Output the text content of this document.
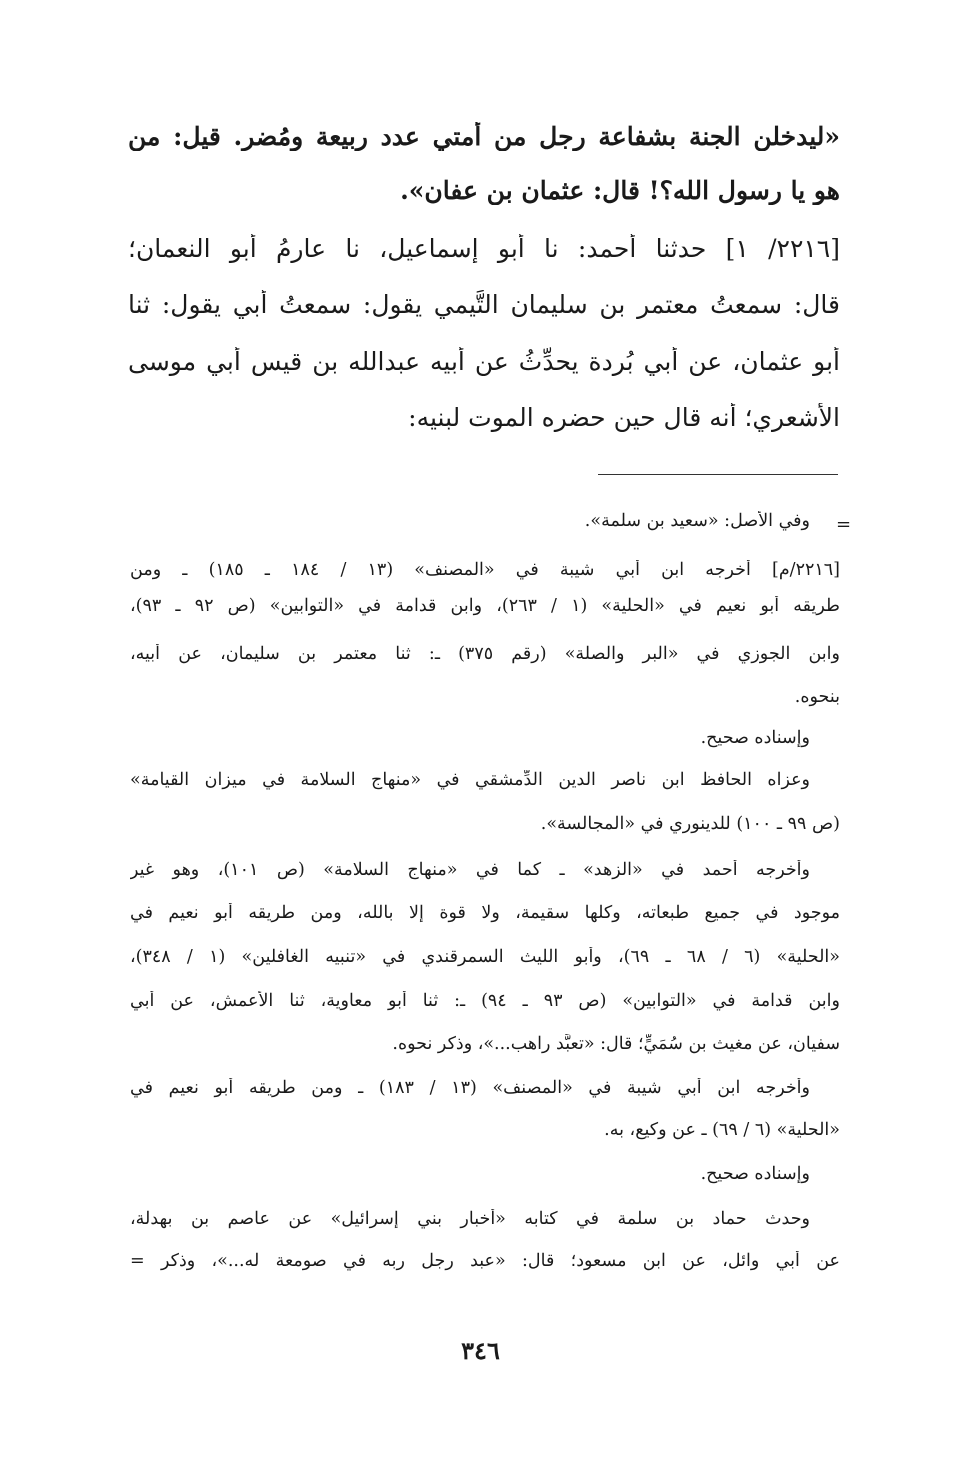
«ليدخلن الجنة بشفاعة رجل من أمتي عدد ربيعة ومُضر. قيل: من
هو يا رسول الله؟! قال: عثمان بن عفان».
[٢٢١٦/ ١] حدثنا أحمد: نا أبو إسماعيل، نا عارمُ أبو النعمان؛
قال: سمعتُ معتمر بن سليمان التَّيمي يقول: سمعتُ أبي يقول: ثنا
أبو عثمان، عن أبي بُردة يحدِّثُ عن أبيه عبدالله بن قيس أبي موسى
الأشعري؛ أنه قال حين حضره الموت لبنيه:
=
وفي الأصل: «سعيد بن سلمة».
[٢٢١٦/م] أخرجه ابن أبي شيبة في «المصنف» (١٣ / ١٨٤ ـ ١٨٥) ـ ومن
طريقه أبو نعيم في «الحلية» (١ / ٢٦٣)، وابن قدامة في «التوابين» (ص ٩٢ ـ ٩٣)،
وابن الجوزي في «البر والصلة» (رقم ٣٧٥) ـ: ثنا معتمر بن سليمان، عن أبيه،
بنحوه.
وإسناده صحيح.
وعزاه الحافظ ابن ناصر الدين الدِّمشقي في «منهاج السلامة في ميزان القيامة»
(ص ٩٩ ـ ١٠٠) للدينوري في «المجالسة».
وأخرجه أحمد في «الزهد» ـ كما في «منهاج السلامة» (ص ١٠١)، وهو غير
موجود في جميع طبعاته، وكلها سقيمة، ولا قوة إلا بالله، ومن طريقه أبو نعيم في
«الحلية» (٦ / ٦٨ ـ ٦٩)، وأبو الليث السمرقندي في «تنبيه الغافلين» (١ / ٣٤٨)،
وابن قدامة في «التوابين» (ص ٩٣ ـ ٩٤) ـ: ثنا أبو معاوية، ثنا الأعمش، عن أبي
سفيان، عن مغيث بن سُمَيٍّ؛ قال: «تعبَّد راهب...»، وذكر نحوه.
وأخرجه ابن أبي شيبة في «المصنف» (١٣ / ١٨٣) ـ ومن طريقه أبو نعيم في
«الحلية» (٦ / ٦٩) ـ عن وكيع، به.
وإسناده صحيح.
وحدث حماد بن سلمة في كتابه «أخبار بني إسرائيل» عن عاصم بن بهدلة،
عن أبي وائل، عن ابن مسعود؛ قال: «عبد رجل ربه في صومعة له...»، وذكر =
٣٤٦
